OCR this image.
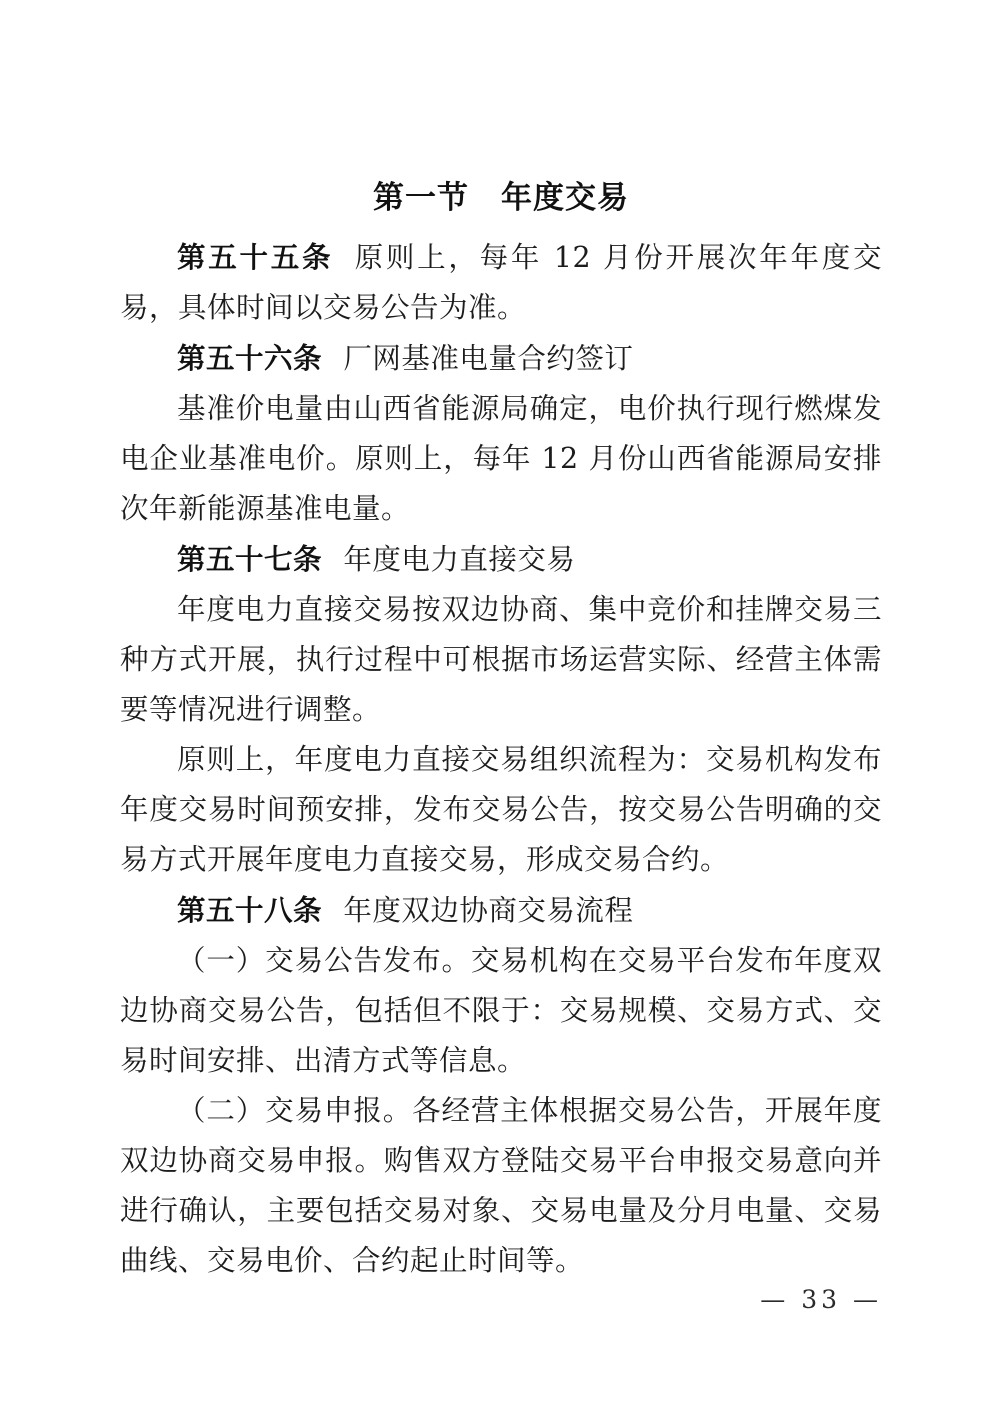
第一节　年度交易

第五十五条 原则上，每年 12 月份开展次年年度交易，具体时间以交易公告为准。

第五十六条 厂网基准电量合约签订

基准价电量由山西省能源局确定，电价执行现行燃煤发电企业基准电价。原则上，每年 12 月份山西省能源局安排次年新能源基准电量。

第五十七条 年度电力直接交易

年度电力直接交易按双边协商、集中竞价和挂牌交易三种方式开展，执行过程中可根据市场运营实际、经营主体需要等情况进行调整。

原则上，年度电力直接交易组织流程为：交易机构发布年度交易时间预安排，发布交易公告，按交易公告明确的交易方式开展年度电力直接交易，形成交易合约。

第五十八条 年度双边协商交易流程

（一）交易公告发布。交易机构在交易平台发布年度双边协商交易公告，包括但不限于：交易规模、交易方式、交易时间安排、出清方式等信息。

（二）交易申报。各经营主体根据交易公告，开展年度双边协商交易申报。购售双方登陆交易平台申报交易意向并进行确认，主要包括交易对象、交易电量及分月电量、交易曲线、交易电价、合约起止时间等。

— 33 —
